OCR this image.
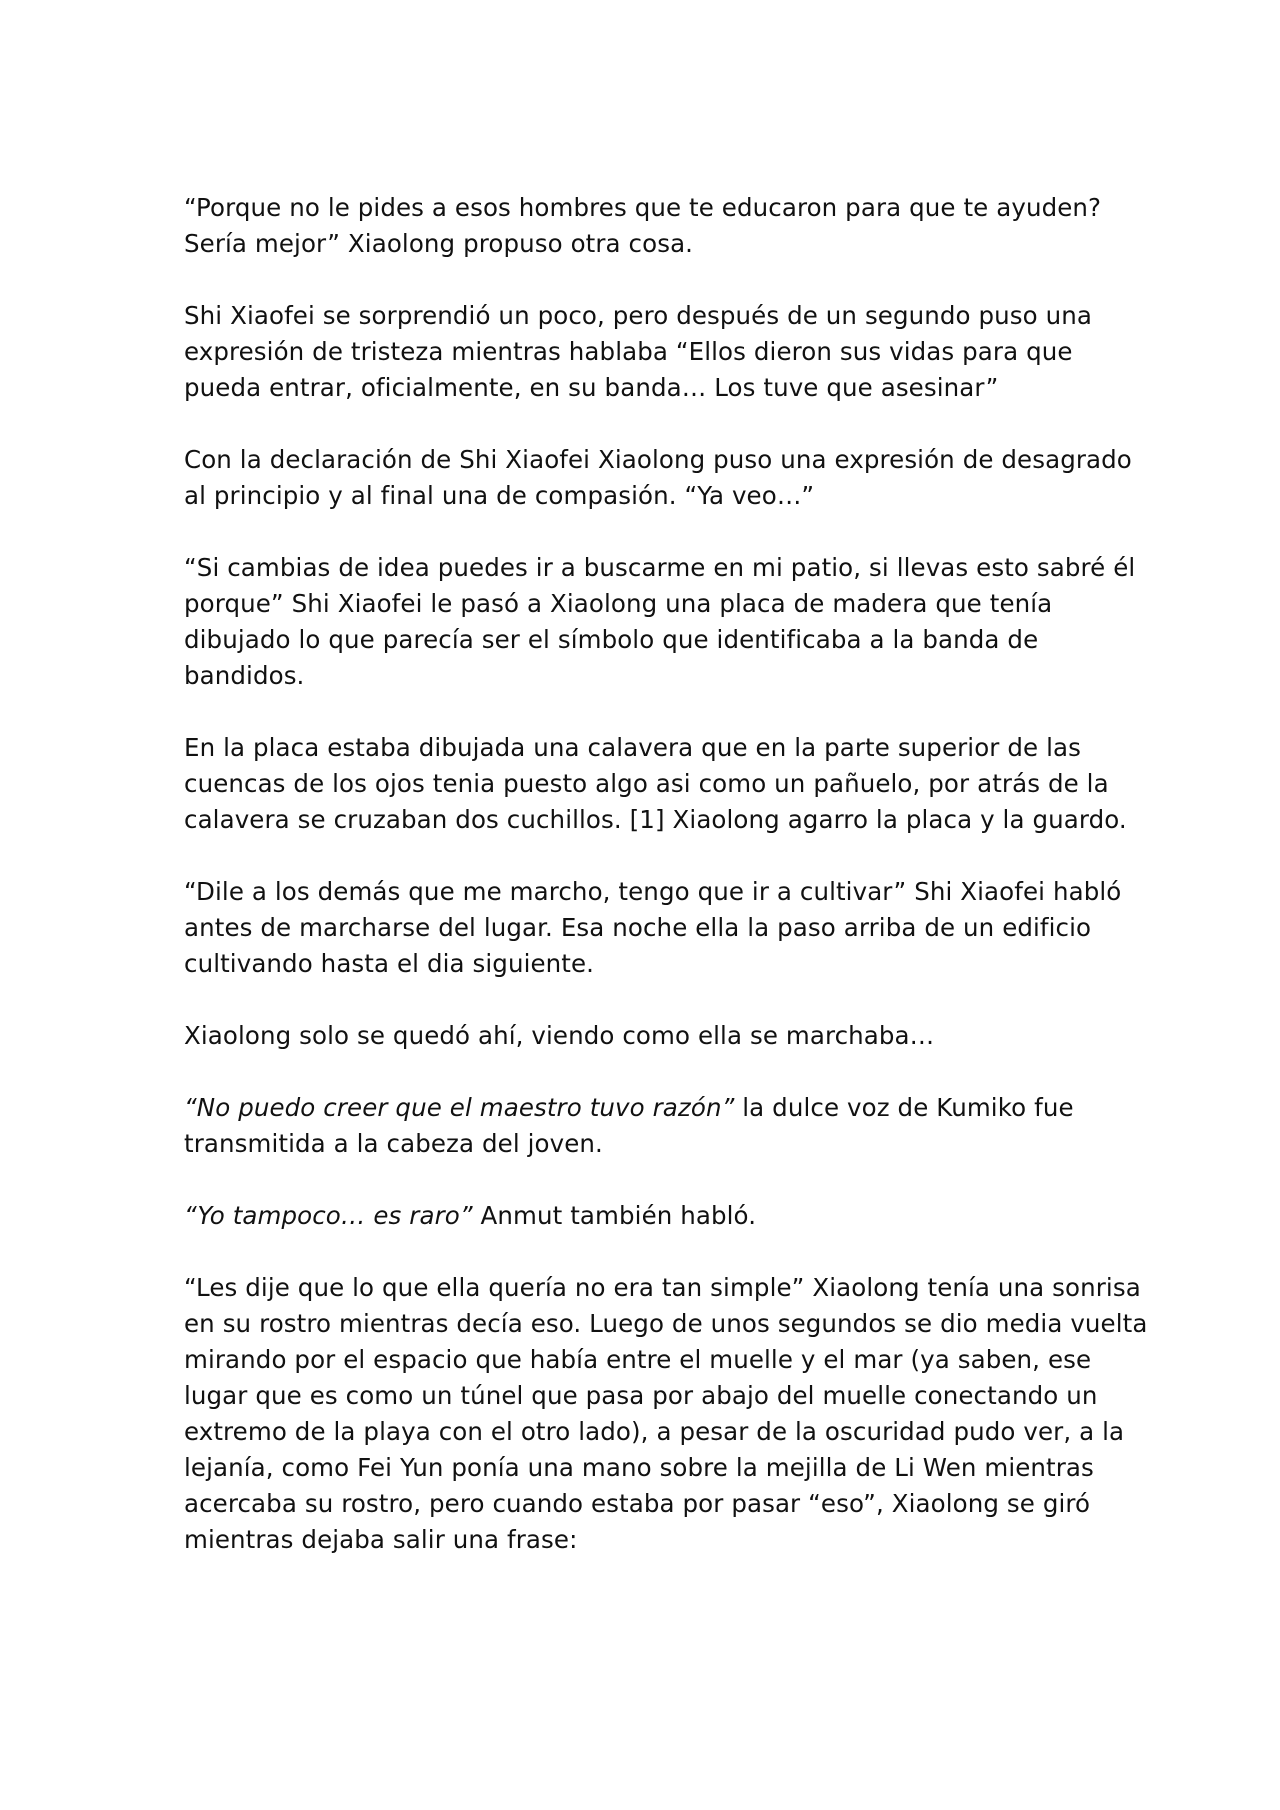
“Porque no le pides a esos hombres que te educaron para que te ayuden?
Sería mejor” Xiaolong propuso otra cosa.

Shi Xiaofei se sorprendió un poco, pero después de un segundo puso una
expresión de tristeza mientras hablaba “Ellos dieron sus vidas para que
pueda entrar, oficialmente, en su banda… Los tuve que asesinar”

Con la declaración de Shi Xiaofei Xiaolong puso una expresión de desagrado
al principio y al final una de compasión. “Ya veo…”

“Si cambias de idea puedes ir a buscarme en mi patio, si llevas esto sabré él
porque” Shi Xiaofei le pasó a Xiaolong una placa de madera que tenía
dibujado lo que parecía ser el símbolo que identificaba a la banda de
bandidos.

En la placa estaba dibujada una calavera que en la parte superior de las
cuencas de los ojos tenia puesto algo asi como un pañuelo, por atrás de la
calavera se cruzaban dos cuchillos. [1] Xiaolong agarro la placa y la guardo.

“Dile a los demás que me marcho, tengo que ir a cultivar” Shi Xiaofei habló
antes de marcharse del lugar. Esa noche ella la paso arriba de un edificio
cultivando hasta el dia siguiente.

Xiaolong solo se quedó ahí, viendo como ella se marchaba…

“No puedo creer que el maestro tuvo razón” la dulce voz de Kumiko fue
transmitida a la cabeza del joven.

“Yo tampoco… es raro” Anmut también habló.

“Les dije que lo que ella quería no era tan simple” Xiaolong tenía una sonrisa
en su rostro mientras decía eso. Luego de unos segundos se dio media vuelta
mirando por el espacio que había entre el muelle y el mar (ya saben, ese
lugar que es como un túnel que pasa por abajo del muelle conectando un
extremo de la playa con el otro lado), a pesar de la oscuridad pudo ver, a la
lejanía, como Fei Yun ponía una mano sobre la mejilla de Li Wen mientras
acercaba su rostro, pero cuando estaba por pasar “eso”, Xiaolong se giró
mientras dejaba salir una frase:
